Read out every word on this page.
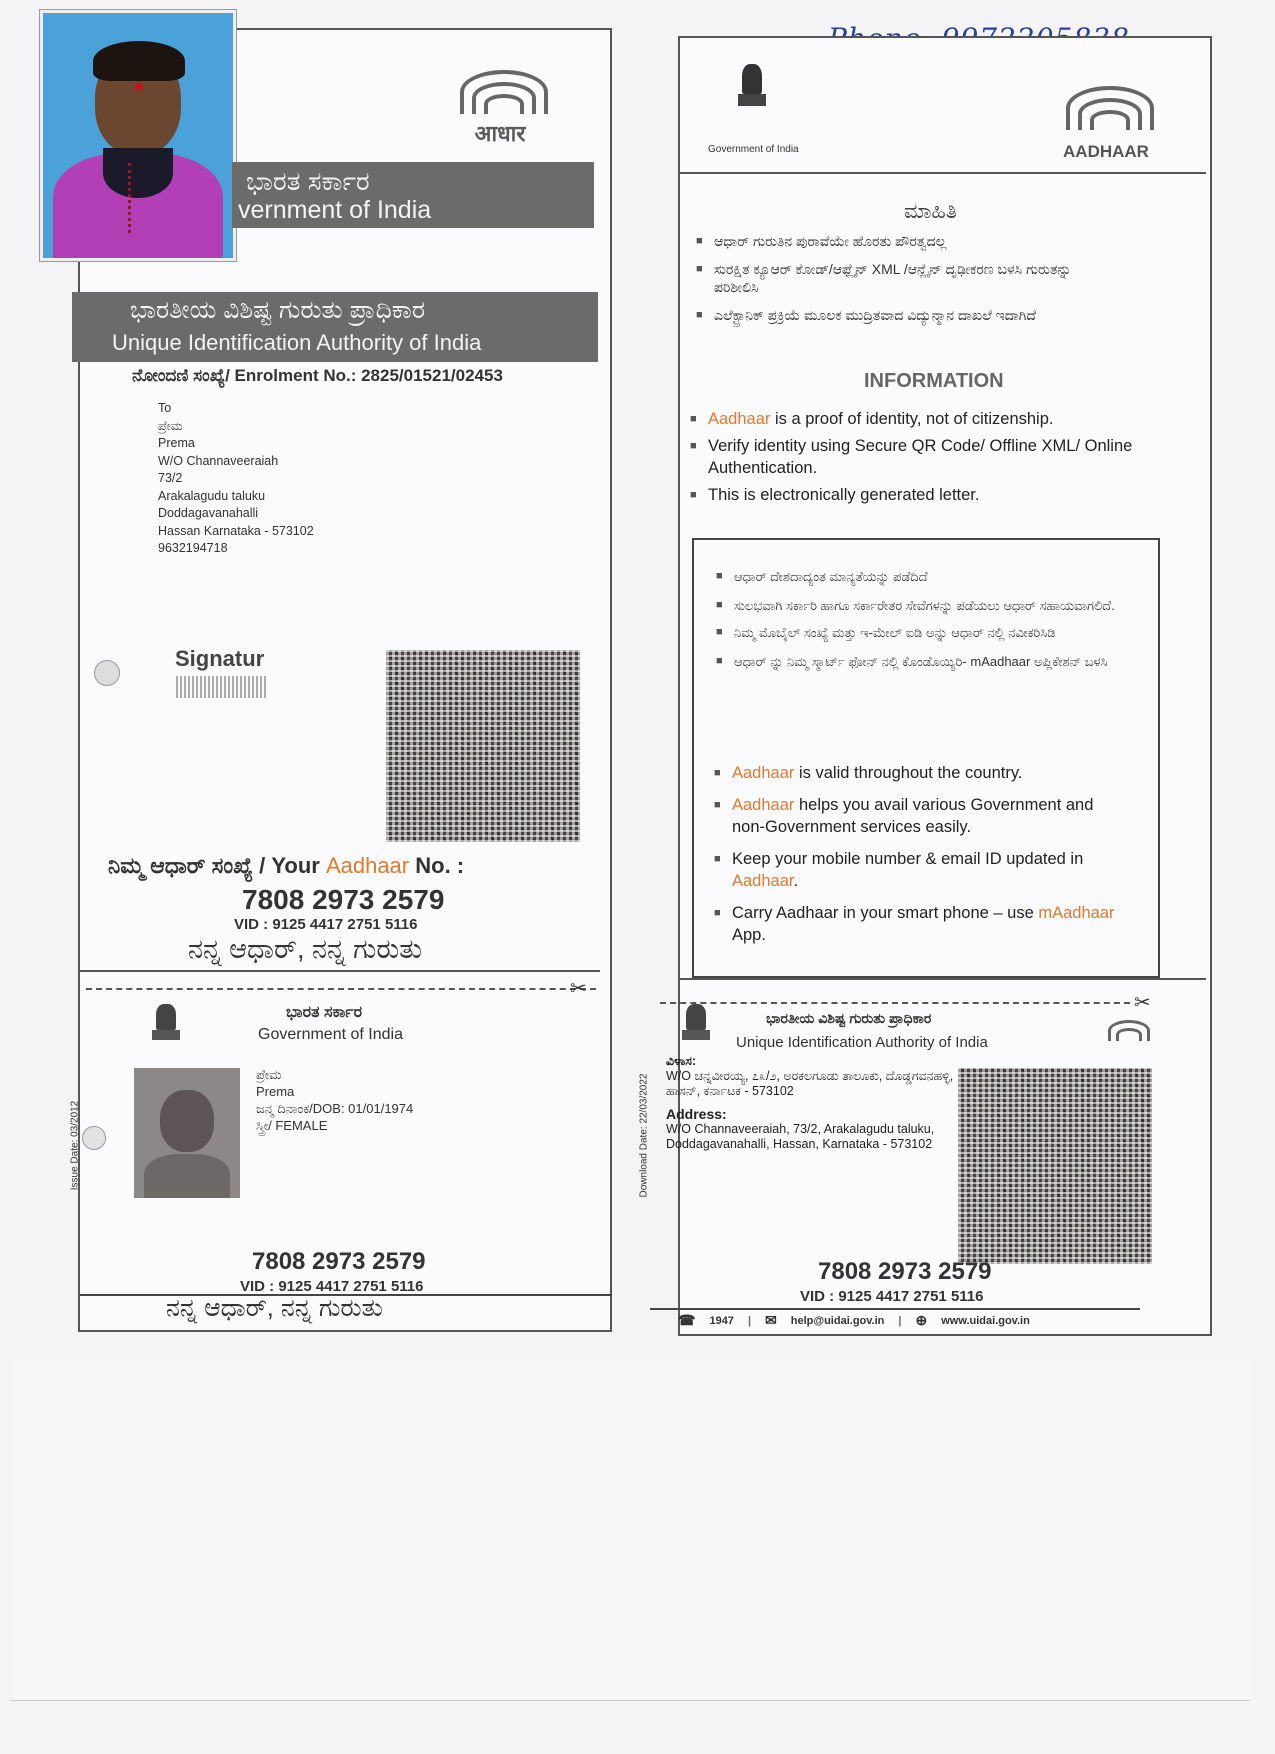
आधार
ಭಾರತ ಸರ್ಕಾರ
vernment of India
ಭಾರತೀಯ ವಿಶಿಷ್ಟ ಗುರುತು ಪ್ರಾಧಿಕಾರ
Unique Identification Authority of India
ನೋಂದಣಿ ಸಂಖ್ಯೆ/ Enrolment No.: 2825/01521/02453
To
ಪ್ರೇಮ
Prema
W/O Channaveeraiah
73/2
Arakalagudu taluku
Doddagavanahalli
Hassan Karnataka - 573102
9632194718
Signatur
ನಿಮ್ಮ ಆಧಾರ್ ಸಂಖ್ಯೆ / Your Aadhaar No. :
7808 2973 2579
VID : 9125 4417 2751 5116
ನನ್ನ ಆಧಾರ್, ನನ್ನ ಗುರುತು
✂
ಭಾರತ ಸರ್ಕಾರ
Government of India
ಪ್ರೇಮ
Prema
ಜನ್ಮ ದಿನಾಂಕ/DOB: 01/01/1974
ಸ್ತ್ರೀ/ FEMALE
Issue Date: 03/2012
7808 2973 2579
VID : 9125 4417 2751 5116
ನನ್ನ ಆಧಾರ್, ನನ್ನ ಗುರುತು
Government of India	AADHAAR
ಮಾಹಿತಿ
■ ಆಧಾರ್ ಗುರುತಿನ ಪುರಾವೆಯೇ ಹೊರತು ಪೌರತ್ವದಲ್ಲ
■ ಸುರಕ್ಷಿತ ಕ್ಯೂಆರ್ ಕೋಡ್/ಆಫ್ಲೈನ್ XML /ಆನ್ಲೈನ್ ದೃಢೀಕರಣ ಬಳಸಿ ಗುರುತನ್ನು ಪರಿಶೀಲಿಸಿ
■ ಎಲೆಕ್ಟ್ರಾನಿಕ್ ಪ್ರಕ್ರಿಯೆ ಮೂಲಕ ಮುದ್ರಿತವಾದ ವಿದ್ಯುನ್ಮಾನ ದಾಖಲೆ ಇದಾಗಿದೆ
INFORMATION
■ Aadhaar is a proof of identity, not of citizenship.
■ Verify identity using Secure QR Code/ Offline XML/ Online Authentication.
■ This is electronically generated letter.
■ ಆಧಾರ್ ದೇಶದಾದ್ಯಂತ ಮಾನ್ಯತೆಯನ್ನು ಪಡೆದಿದೆ
■ ಸುಲಭವಾಗಿ ಸರ್ಕಾರಿ ಹಾಗೂ ಸರ್ಕಾರೇತರ ಸೇವೆಗಳನ್ನು ಪಡೆಯಲು ಆಧಾರ್ ಸಹಾಯವಾಗಲಿದೆ.
■ ನಿಮ್ಮ ಮೊಬೈಲ್ ಸಂಖ್ಯೆ ಮತ್ತು ಇ-ಮೇಲ್ ಐಡಿ ಅನ್ನು ಆಧಾರ್ ನಲ್ಲಿ ನವೀಕರಿಸಿಡಿ
■ ಆಧಾರ್ ನ್ನು ನಿಮ್ಮ ಸ್ಮಾರ್ಟ್ ಫೋನ್ ನಲ್ಲಿ ಕೊಂಡೊಯ್ಯಿರಿ- mAadhaar ಅಪ್ಲಿಕೇಶನ್ ಬಳಸಿ
■ Aadhaar is valid throughout the country.
■ Aadhaar helps you avail various Government and non-Government services easily.
■ Keep your mobile number & email ID updated in Aadhaar.
■ Carry Aadhaar in your smart phone – use mAadhaar App.
✂
ಭಾರತೀಯ ವಿಶಿಷ್ಟ ಗುರುತು ಪ್ರಾಧಿಕಾರ
Unique Identification Authority of India
Download Date: 22/03/2022
ವಿಳಾಸ:
W/O ಚನ್ನವೀರಯ್ಯ, ೭೩/೨, ಅರಕಲಗೂಡು ತಾಲೂಕು, ದೊಡ್ಡಗವನಹಳ್ಳಿ, ಹಾಸನ್, ಕರ್ನಾಟಕ - 573102
Address:
W/O Channaveeraiah, 73/2, Arakalagudu taluku, Doddagavanahalli, Hassan, Karnataka - 573102
7808 2973 2579
VID : 9125 4417 2751 5116
☎ 1947 | ✉ help@uidai.gov.in | ⊕ www.uidai.gov.in
